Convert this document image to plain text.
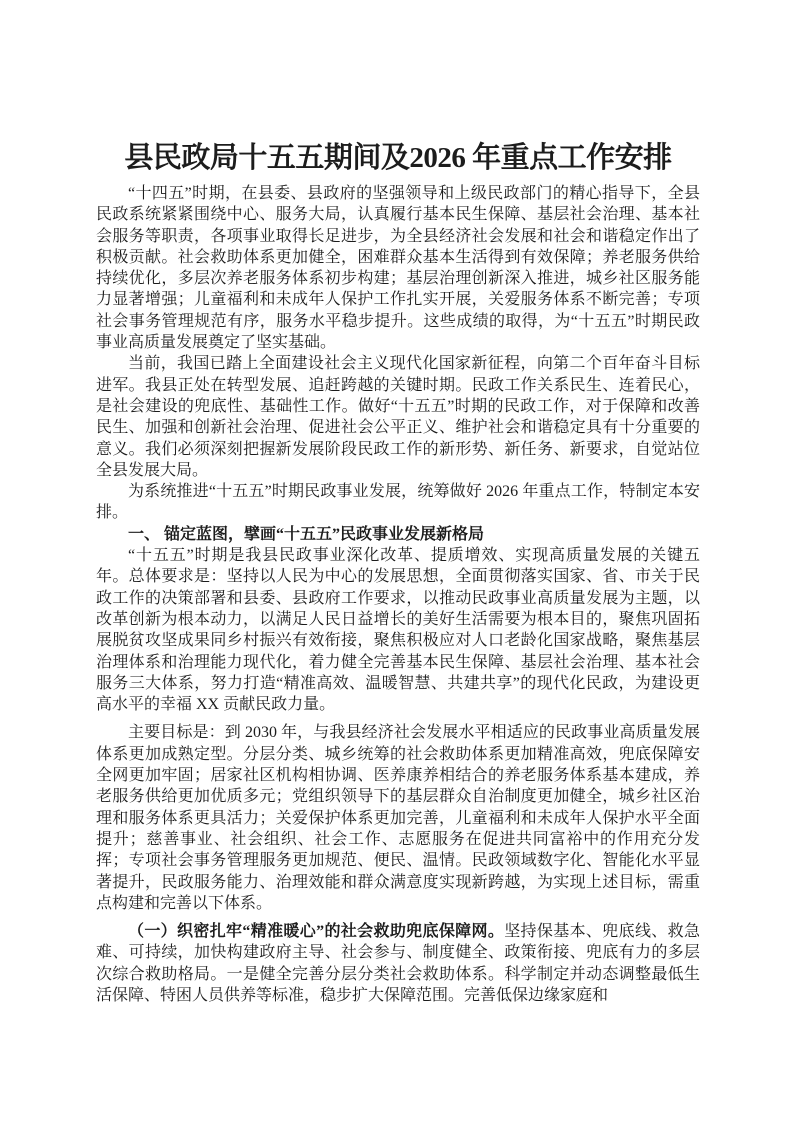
县民政局十五五期间及2026 年重点工作安排

“十四五”时期，在县委、县政府的坚强领导和上级民政部门的精心指导下，全县民政系统紧紧围绕中心、服务大局，认真履行基本民生保障、基层社会治理、基本社会服务等职责，各项事业取得长足进步，为全县经济社会发展和社会和谐稳定作出了积极贡献。社会救助体系更加健全，困难群众基本生活得到有效保障；养老服务供给持续优化，多层次养老服务体系初步构建；基层治理创新深入推进，城乡社区服务能力显著增强；儿童福利和未成年人保护工作扎实开展，关爱服务体系不断完善；专项社会事务管理规范有序，服务水平稳步提升。这些成绩的取得，为“十五五”时期民政事业高质量发展奠定了坚实基础。

当前，我国已踏上全面建设社会主义现代化国家新征程，向第二个百年奋斗目标进军。我县正处在转型发展、追赶跨越的关键时期。民政工作关系民生、连着民心，是社会建设的兜底性、基础性工作。做好“十五五”时期的民政工作，对于保障和改善民生、加强和创新社会治理、促进社会公平正义、维护社会和谐稳定具有十分重要的意义。我们必须深刻把握新发展阶段民政工作的新形势、新任务、新要求，自觉站位全县发展大局。

为系统推进“十五五”时期民政事业发展，统筹做好 2026 年重点工作，特制定本安排。

一、 锚定蓝图，擘画“十五五”民政事业发展新格局

“十五五”时期是我县民政事业深化改革、提质增效、实现高质量发展的关键五年。总体要求是：坚持以人民为中心的发展思想，全面贯彻落实国家、省、市关于民政工作的决策部署和县委、县政府工作要求，以推动民政事业高质量发展为主题，以改革创新为根本动力，以满足人民日益增长的美好生活需要为根本目的，聚焦巩固拓展脱贫攻坚成果同乡村振兴有效衔接，聚焦积极应对人口老龄化国家战略，聚焦基层治理体系和治理能力现代化，着力健全完善基本民生保障、基层社会治理、基本社会服务三大体系，努力打造“精准高效、温暖智慧、共建共享”的现代化民政，为建设更高水平的幸福 XX 贡献民政力量。

主要目标是：到 2030 年，与我县经济社会发展水平相适应的民政事业高质量发展体系更加成熟定型。分层分类、城乡统筹的社会救助体系更加精准高效，兜底保障安全网更加牢固；居家社区机构相协调、医养康养相结合的养老服务体系基本建成，养老服务供给更加优质多元；党组织领导下的基层群众自治制度更加健全，城乡社区治理和服务体系更具活力；关爱保护体系更加完善，儿童福利和未成年人保护水平全面提升；慈善事业、社会组织、社会工作、志愿服务在促进共同富裕中的作用充分发挥；专项社会事务管理服务更加规范、便民、温情。民政领域数字化、智能化水平显著提升，民政服务能力、治理效能和群众满意度实现新跨越，为实现上述目标，需重点构建和完善以下体系。

（一）织密扎牢“精准暖心”的社会救助兜底保障网。坚持保基本、兜底线、救急难、可持续，加快构建政府主导、社会参与、制度健全、政策衔接、兜底有力的多层次综合救助格局。一是健全完善分层分类社会救助体系。科学制定并动态调整最低生活保障、特困人员供养等标准，稳步扩大保障范围。完善低保边缘家庭和
